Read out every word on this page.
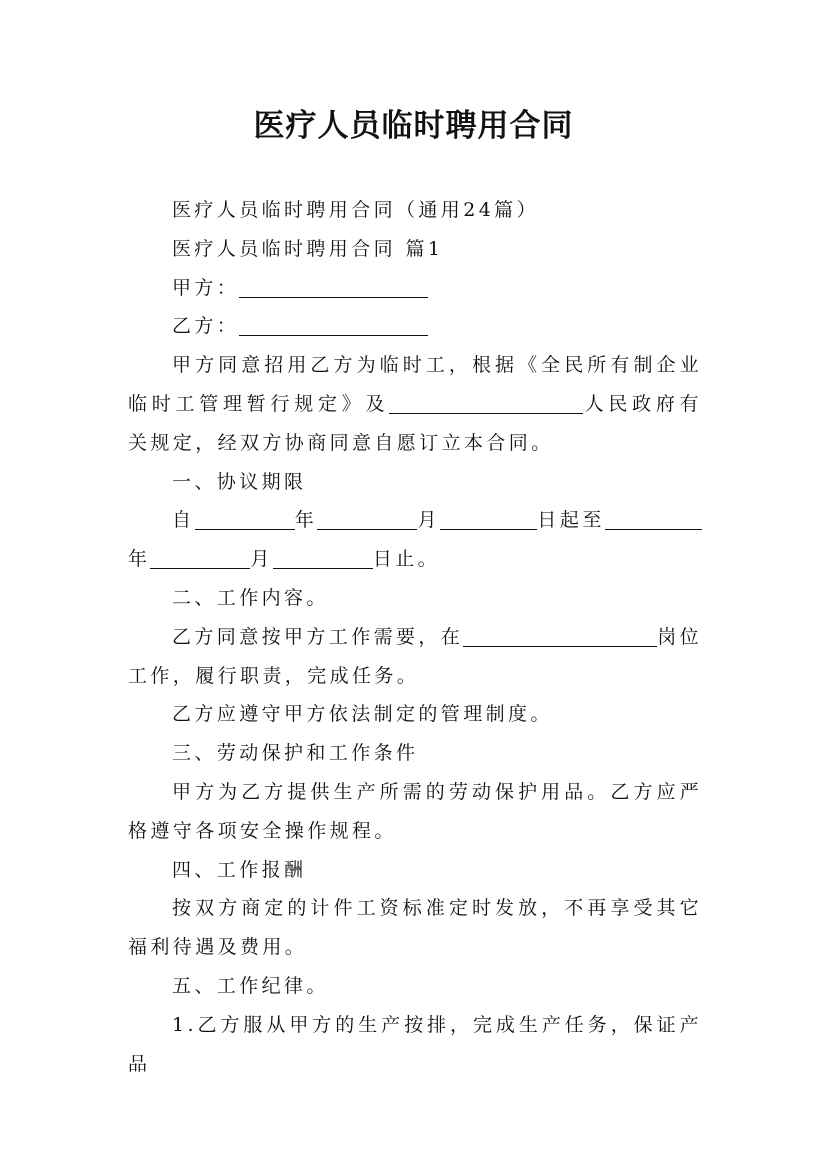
医疗人员临时聘用合同

医疗人员临时聘用合同（通用24篇）

医疗人员临时聘用合同 篇1

甲方：

乙方：

甲方同意招用乙方为临时工，根据《全民所有制企业临时工管理暂行规定》及	人民政府有关规定，经双方协商同意自愿订立本合同。

一、协议期限

自	年	月	日起至年	月	日止。

二、工作内容。

乙方同意按甲方工作需要，在	岗位工作，履行职责，完成任务。

乙方应遵守甲方依法制定的管理制度。

三、劳动保护和工作条件

甲方为乙方提供生产所需的劳动保护用品。乙方应严格遵守各项安全操作规程。

四、工作报酬

按双方商定的计件工资标准定时发放，不再享受其它福利待遇及费用。

五、工作纪律。

1.乙方服从甲方的生产按排，完成生产任务，保证产品
